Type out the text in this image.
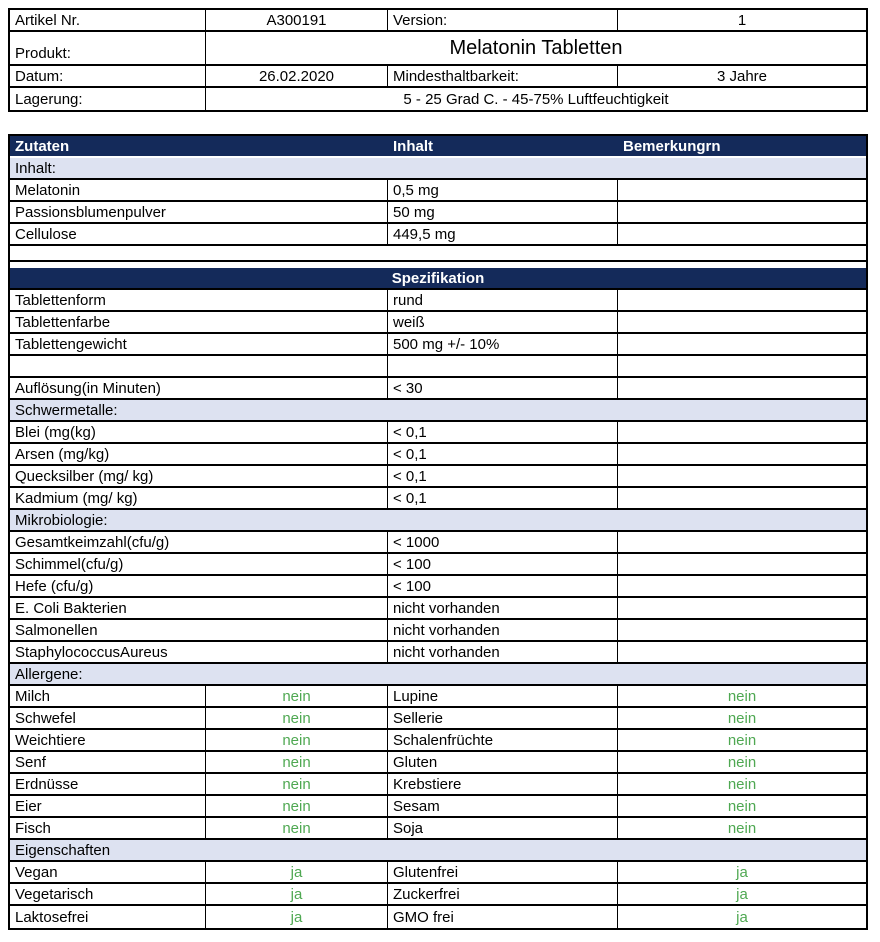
Artikel Nr.	A300191	Version:	1
Produkt:	Melatonin Tabletten
Datum:	26.02.2020	Mindesthaltbarkeit:	3 Jahre
Lagerung:	5 - 25 Grad C. - 45-75% Luftfeuchtigkeit
Zutaten	Inhalt	Bemerkungrn
Inhalt:
Melatonin	0,5 mg
Passionsblumenpulver	50 mg
Cellulose	449,5 mg
Spezifikation
Tablettenform	rund
Tablettenfarbe	weiß
Tablettengewicht	500 mg +/- 10%
Auflösung(in Minuten)	< 30
Schwermetalle:
Blei (mg(kg)	< 0,1
Arsen (mg/kg)	< 0,1
Quecksilber (mg/ kg)	< 0,1
Kadmium (mg/ kg)	< 0,1
Mikrobiologie:
Gesamtkeimzahl(cfu/g)	< 1000
Schimmel(cfu/g)	< 100
Hefe (cfu/g)	< 100
E. Coli Bakterien	nicht vorhanden
Salmonellen	nicht vorhanden
StaphylococcusAureus	nicht vorhanden
Allergene:
Milch	nein	Lupine	nein
Schwefel	nein	Sellerie	nein
Weichtiere	nein	Schalenfrüchte	nein
Senf	nein	Gluten	nein
Erdnüsse	nein	Krebstiere	nein
Eier	nein	Sesam	nein
Fisch	nein	Soja	nein
Eigenschaften
Vegan	ja	Glutenfrei	ja
Vegetarisch	ja	Zuckerfrei	ja
Laktosefrei	ja	GMO frei	ja
